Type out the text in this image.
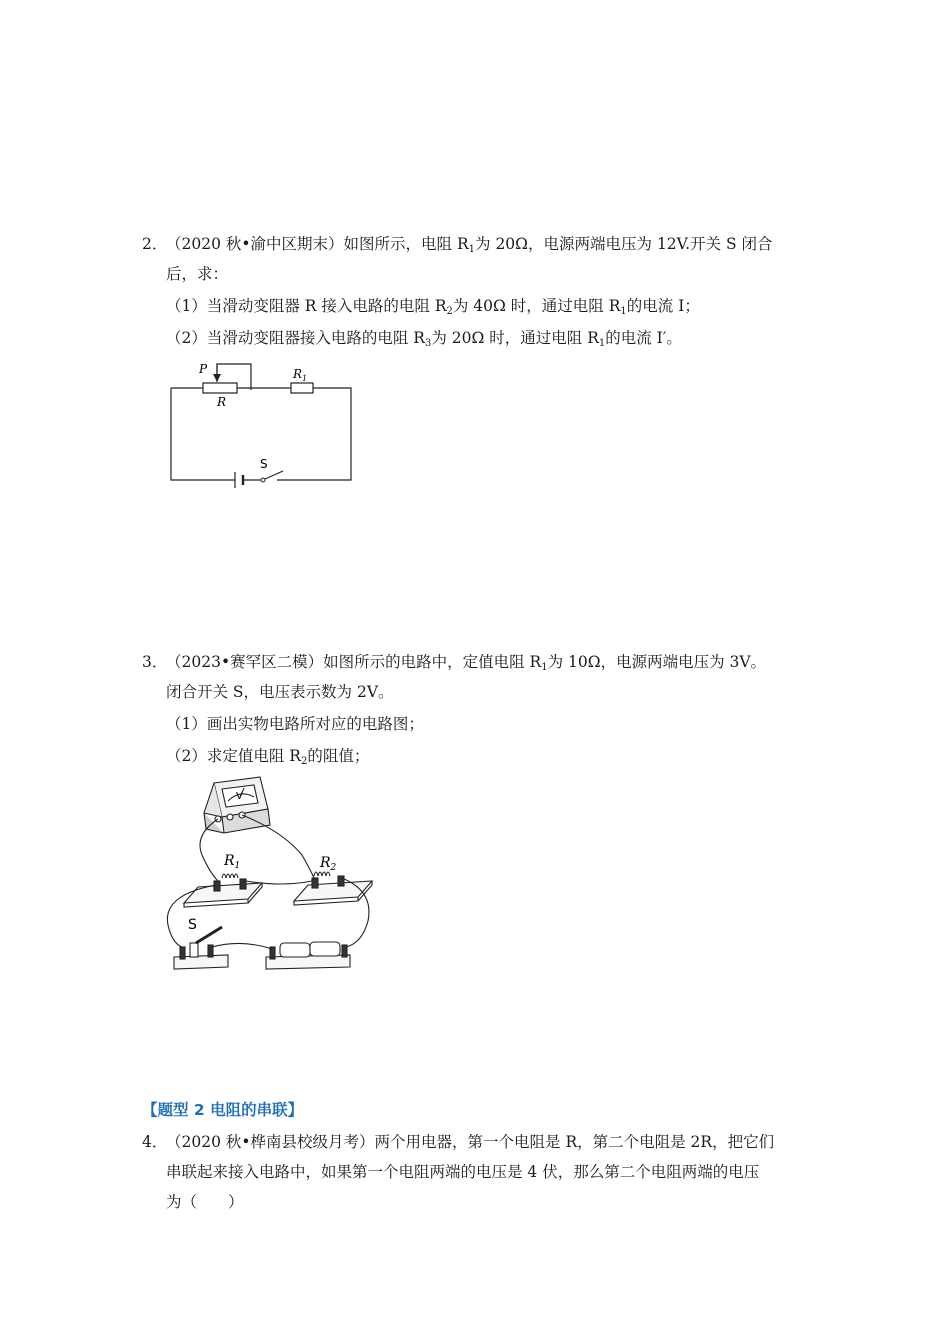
2．
（2020 秋•渝中区期末）如图所示，电阻 $R_1$为 20Ω，电源两端电压为 12V.开关 S 闭合
后，求：
（1）当滑动变阻器 R 接入电路的电阻 $R_2$为 40Ω 时，通过电阻 $R_1$的电流 I；
（2）当滑动变阻器接入电路的电阻 $R_3$为 20Ω 时，通过电阻 $R_1$的电流 I′。
P
R
$R_1$
S
3．
（2023•赛罕区二模）如图所示的电路中，定值电阻 $R_1$为 10Ω，电源两端电压为 3V。
闭合开关 S，电压表示数为 2V。
（1）画出实物电路所对应的电路图；
（2）求定值电阻 $R_2$的阻值；
V
$R_1$	$R_2$
S
【题型 2 电阻的串联】
4．
（2020 秋•桦南县校级月考）两个用电器，第一个电阻是 R，第二个电阻是 2R，把它们
串联起来接入电路中，如果第一个电阻两端的电压是 4 伏，那么第二个电阻两端的电压
为（　　）
